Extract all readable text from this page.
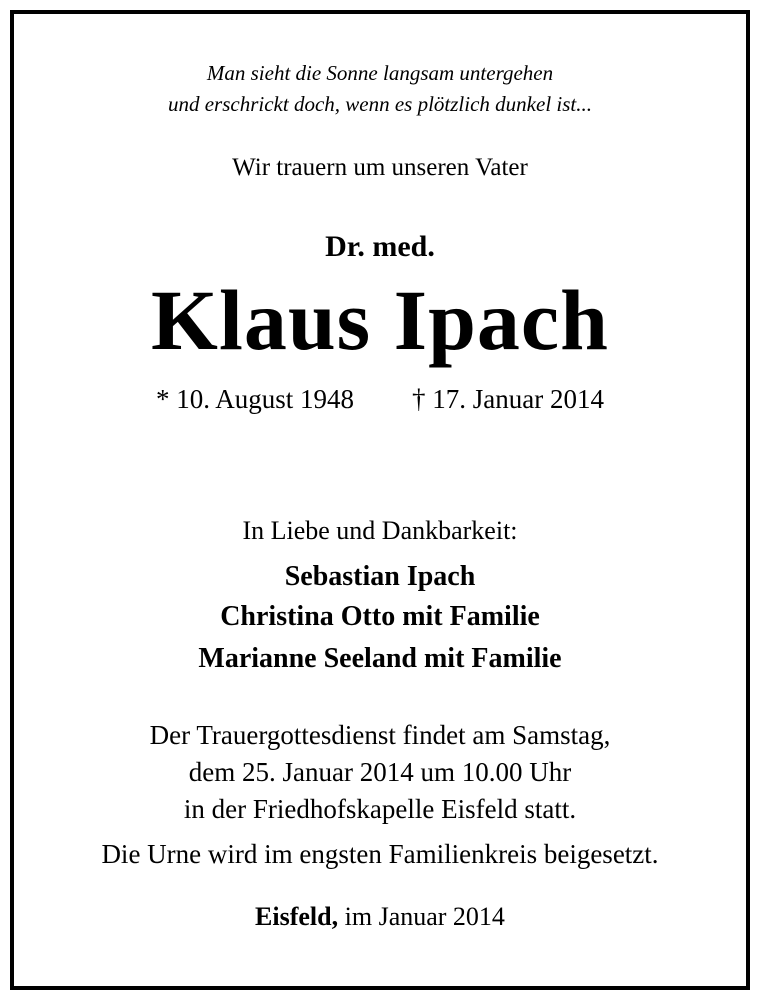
Man sieht die Sonne langsam untergehen
und erschrickt doch, wenn es plötzlich dunkel ist...
Wir trauern um unseren Vater
Dr. med.
Klaus Ipach
* 10. August 1948 † 17. Januar 2014
In Liebe und Dankbarkeit:
Sebastian Ipach
Christina Otto mit Familie
Marianne Seeland mit Familie
Der Trauergottesdienst findet am Samstag,
dem 25. Januar 2014 um 10.00 Uhr
in der Friedhofskapelle Eisfeld statt.
Die Urne wird im engsten Familienkreis beigesetzt.
Eisfeld, im Januar 2014
